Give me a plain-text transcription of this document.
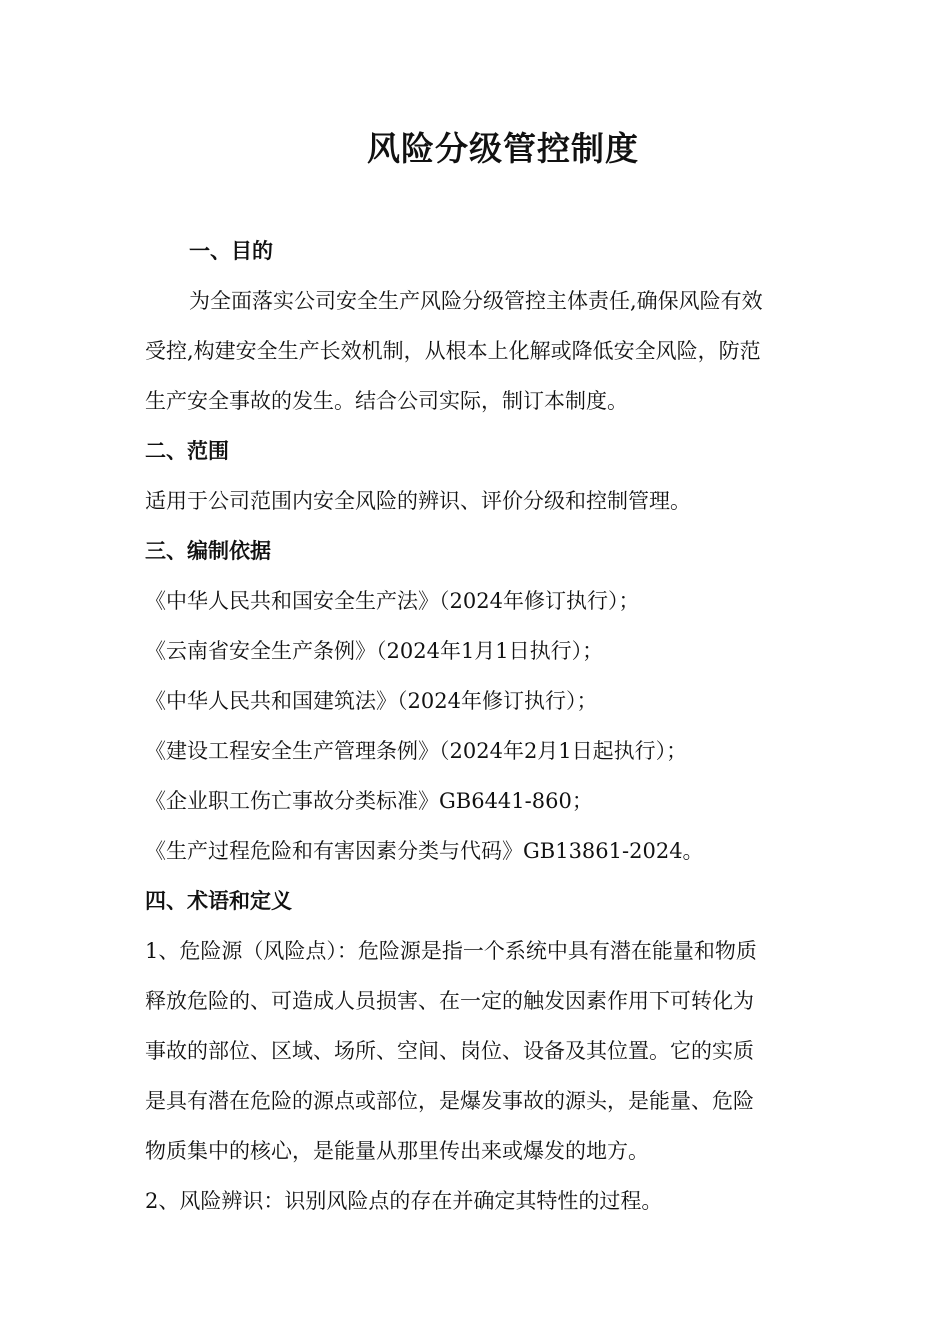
风险分级管控制度
一、目的
为全面落实公司安全生产风险分级管控主体责任,确保风险有效
受控,构建安全生产长效机制，从根本上化解或降低安全风险，防范
生产安全事故的发生。结合公司实际，制订本制度。
二、范围
适用于公司范围内安全风险的辨识、评价分级和控制管理。
三、编制依据
《中华人民共和国安全生产法》（2024年修订执行）；
《云南省安全生产条例》（2024年1月1日执行）；
《中华人民共和国建筑法》（2024年修订执行）；
《建设工程安全生产管理条例》（2024年2月1日起执行）；
《企业职工伤亡事故分类标准》GB6441-860；
《生产过程危险和有害因素分类与代码》GB13861-2024。
四、术语和定义
1、危险源（风险点）：危险源是指一个系统中具有潜在能量和物质
释放危险的、可造成人员损害、在一定的触发因素作用下可转化为
事故的部位、区域、场所、空间、岗位、设备及其位置。它的实质
是具有潜在危险的源点或部位，是爆发事故的源头，是能量、危险
物质集中的核心，是能量从那里传出来或爆发的地方。
2、风险辨识：识别风险点的存在并确定其特性的过程。
